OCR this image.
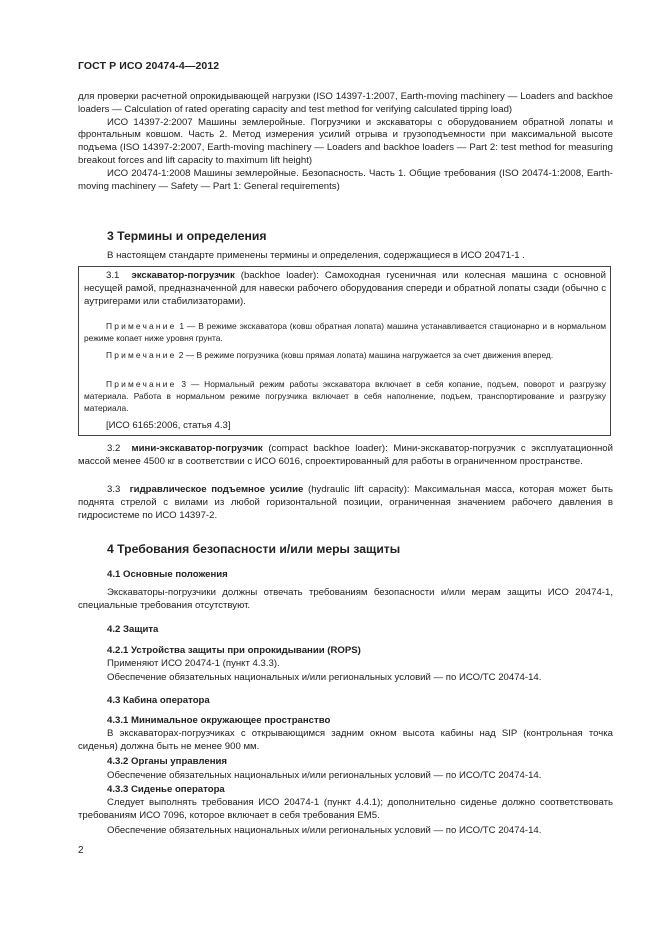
ГОСТ Р ИСО 20474-4—2012

для проверки расчетной опрокидывающей нагрузки (ISO 14397-1:2007, Earth-moving machinery — Loaders and backhoe loaders — Calculation of rated operating capacity and test method for verifying calculated tipping load)

ИСО 14397-2:2007 Машины землеройные. Погрузчики и экскаваторы с оборудованием обратной лопаты и фронтальным ковшом. Часть 2. Метод измерения усилий отрыва и грузоподъемности при максимальной высоте подъема (ISO 14397-2:2007, Earth-moving machinery — Loaders and backhoe loaders — Part 2: test method for measuring breakout forces and lift capacity to maximum lift height)

ИСО 20474-1:2008 Машины землеройные. Безопасность. Часть 1. Общие требования (ISO 20474-1:2008, Earth-moving machinery — Safety — Part 1: General requirements)

3 Термины и определения
В настоящем стандарте применены термины и определения, содержащиеся в ИСО 20471-1 .
3.1 экскаватор-погрузчик (backhoe loader): Самоходная гусеничная или колесная машина с основной несущей рамой, предназначенной для навески рабочего оборудования спереди и обратной лопаты сзади (обычно с аутригерами или стабилизаторами).
Примечание 1 — В режиме экскаватора (ковш обратная лопата) машина устанавливается стационарно и в нормальном режиме копает ниже уровня грунта.
Примечание 2 — В режиме погрузчика (ковш прямая лопата) машина нагружается за счет движения вперед.
Примечание 3 — Нормальный режим работы экскаватора включает в себя копание, подъем, поворот и разгрузку материала. Работа в нормальном режиме погрузчика включает в себя наполнение, подъем, транспортирование и разгрузку материала.
[ИСО 6165:2006, статья 4.3]
3.2 мини-экскаватор-погрузчик (compact backhoe loader): Мини-экскаватор-погрузчик с эксплуатационной массой менее 4500 кг в соответствии с ИСО 6016, спроектированный для работы в ограниченном пространстве.
3.3 гидравлическое подъемное усилие (hydraulic lift capacity): Максимальная масса, которая может быть поднята стрелой с вилами из любой горизонтальной позиции, ограниченная значением рабочего давления в гидросистеме по ИСО 14397-2.
4 Требования безопасности и/или меры защиты
4.1 Основные положения
Экскаваторы-погрузчики должны отвечать требованиям безопасности и/или мерам защиты ИСО 20474-1, специальные требования отсутствуют.
4.2 Защита
4.2.1 Устройства защиты при опрокидывании (ROPS)
Применяют ИСО 20474-1 (пункт 4.3.3).
Обеспечение обязательных национальных и/или региональных условий — по ИСО/ТС 20474-14.
4.3 Кабина оператора
4.3.1 Минимальное окружающее пространство
В экскаваторах-погрузчиках с открывающимся задним окном высота кабины над SIP (контрольная точка сиденья) должна быть не менее 900 мм.
4.3.2 Органы управления
Обеспечение обязательных национальных и/или региональных условий — по ИСО/ТС 20474-14.
4.3.3 Сиденье оператора
Следует выполнять требования ИСО 20474-1 (пункт 4.4.1); дополнительно сиденье должно соответствовать требованиям ИСО 7096, которое включает в себя требования ЕМ5.
Обеспечение обязательных национальных и/или региональных условий — по ИСО/ТС 20474-14.
2
